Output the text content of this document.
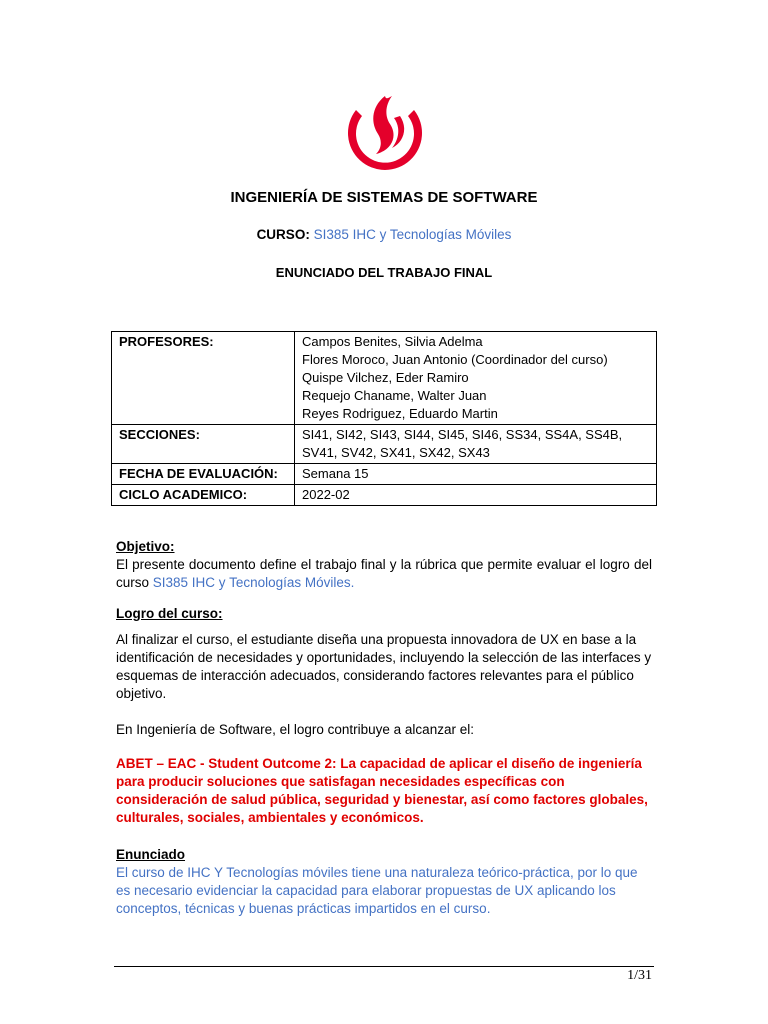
INGENIERÍA DE SISTEMAS DE SOFTWARE
CURSO: SI385 IHC y Tecnologías Móviles
ENUNCIADO DEL TRABAJO FINAL
PROFESORES:	Campos Benites, Silvia Adelma
Flores Moroco, Juan Antonio (Coordinador del curso)
Quispe Vilchez, Eder Ramiro
Requejo Chaname, Walter Juan
Reyes Rodriguez, Eduardo Martin

SECCIONES:	SI41, SI42, SI43, SI44, SI45, SI46, SS34, SS4A, SS4B,
SV41, SV42, SX41, SX42, SX43

FECHA DE EVALUACIÓN:	Semana 15
CICLO ACADEMICO:	2022-02
Objetivo:
El presente documento define el trabajo final y la rúbrica que permite evaluar el logro del curso SI385 IHC y Tecnologías Móviles.
Logro del curso:
Al finalizar el curso, el estudiante diseña una propuesta innovadora de UX en base a la identificación de necesidades y oportunidades, incluyendo la selección de las interfaces y esquemas de interacción adecuados, considerando factores relevantes para el público objetivo.
En Ingeniería de Software, el logro contribuye a alcanzar el:
ABET – EAC - Student Outcome 2: La capacidad de aplicar el diseño de ingeniería para producir soluciones que satisfagan necesidades específicas con consideración de salud pública, seguridad y bienestar, así como factores globales, culturales, sociales, ambientales y económicos.
Enunciado
El curso de IHC Y Tecnologías móviles tiene una naturaleza teórico-práctica, por lo que es necesario evidenciar la capacidad para elaborar propuestas de UX aplicando los conceptos, técnicas y buenas prácticas impartidos en el curso.
1/31
